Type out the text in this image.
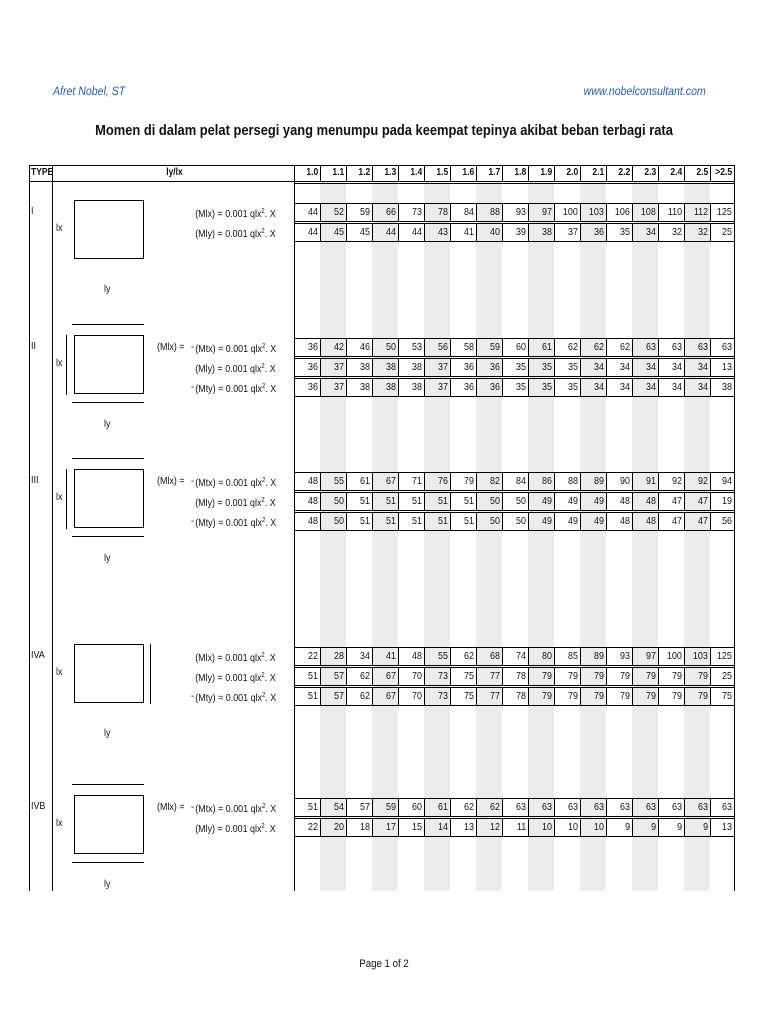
Afret Nobel, ST	www.nobelconsultant.com
Momen di dalam pelat persegi yang menumpu pada keempat tepinya akibat beban terbagi rata
TYPE	ly/lx	1.0	1.1	1.2	1.3	1.4	1.5	1.6	1.7	1.8	1.9	2.0	2.1	2.2	2.3	2.4	2.5 >2.5
I
lx
ly
(Mlx) = 0.001 qlx$^2$. X	44	52	59	66	73	78	84	88	93	97	100	103	106	108	110	112 125
(Mly) = 0.001 qlx$^2$. X	44	45	45	44	44	43	41	40	39	38	37	36	35	34	32	32	25
II
lx
ly
(Mlx) = - (Mtx) = 0.001 qlx$^2$. X	36	42	46	50	53	56	58	59	60	61	62	62	62	63	63	63	63
(Mly) = 0.001 qlx$^2$. X	36	37	38	38	38	37	36	36	35	35	35	34	34	34	34	34	13
- (Mty) = 0.001 qlx$^2$. X	36	37	38	38	38	37	36	36	35	35	35	34	34	34	34	34	38
III
lx
ly
(Mlx) = - (Mtx) = 0.001 qlx$^2$. X	48	55	61	67	71	76	79	82	84	86	88	89	90	91	92	92	94
(Mly) = 0.001 qlx$^2$. X	48	50	51	51	51	51	51	50	50	49	49	49	48	48	47	47	19
- (Mty) = 0.001 qlx$^2$. X	48	50	51	51	51	51	51	50	50	49	49	49	48	48	47	47	56
IVA
lx
ly
(Mlx) = 0.001 qlx$^2$. X	22	28	34	41	48	55	62	68	74	80	85	89	93	97	100	103 125
(Mly) = 0.001 qlx$^2$. X	51	57	62	67	70	73	75	77	78	79	79	79	79	79	79	79	25
- (Mty) = 0.001 qlx$^2$. X	51	57	62	67	70	73	75	77	78	79	79	79	79	79	79	79	75
IVB
lx
ly
(Mlx) = - (Mtx) = 0.001 qlx$^2$. X	51	54	57	59	60	61	62	62	63	63	63	63	63	63	63	63	63
(Mly) = 0.001 qlx$^2$. X	22	20	18	17	15	14	13	12	11	10	10	10	9	9	9	9	13
Page 1 of 2
